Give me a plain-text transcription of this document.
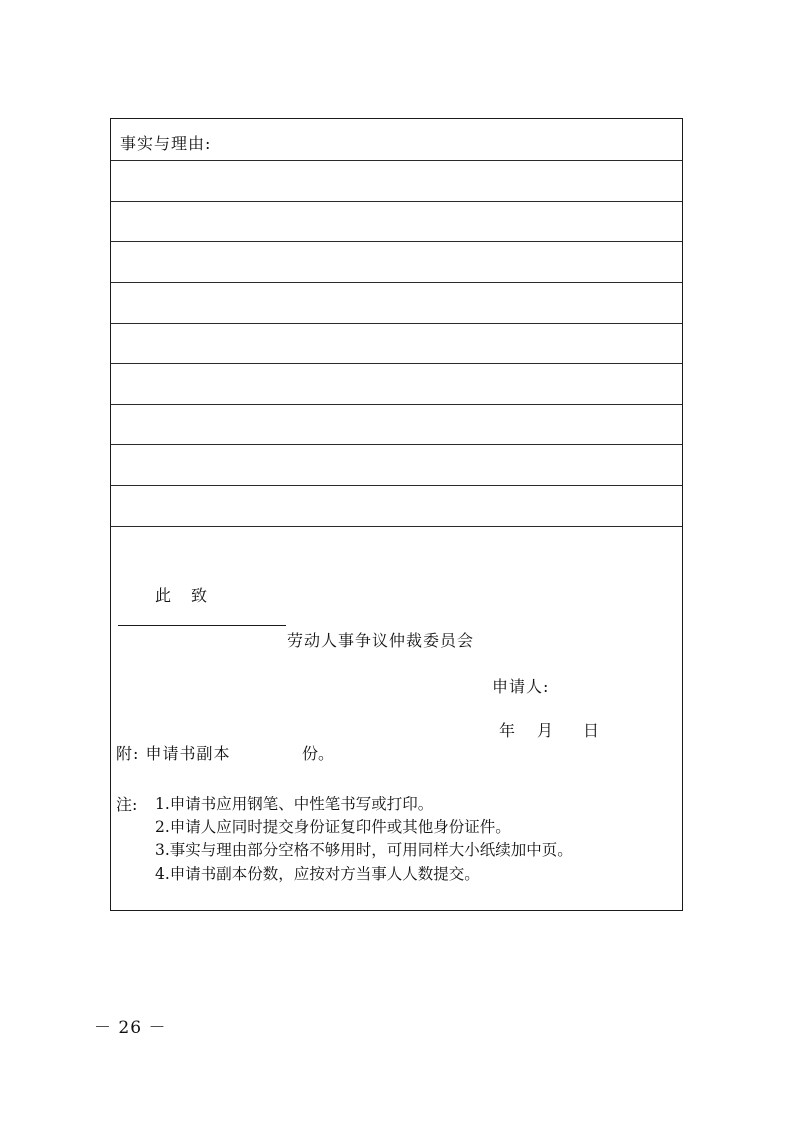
事实与理由:
此　致
劳动人事争议仲裁委员会
申请人:
年 月 日
附: 申请书副本	份。
注: 1.申请书应用钢笔、中性笔书写或打印。
2.申请人应同时提交身份证复印件或其他身份证件。
3.事实与理由部分空格不够用时，可用同样大小纸续加中页。
4.申请书副本份数，应按对方当事人人数提交。
－ 26 －
